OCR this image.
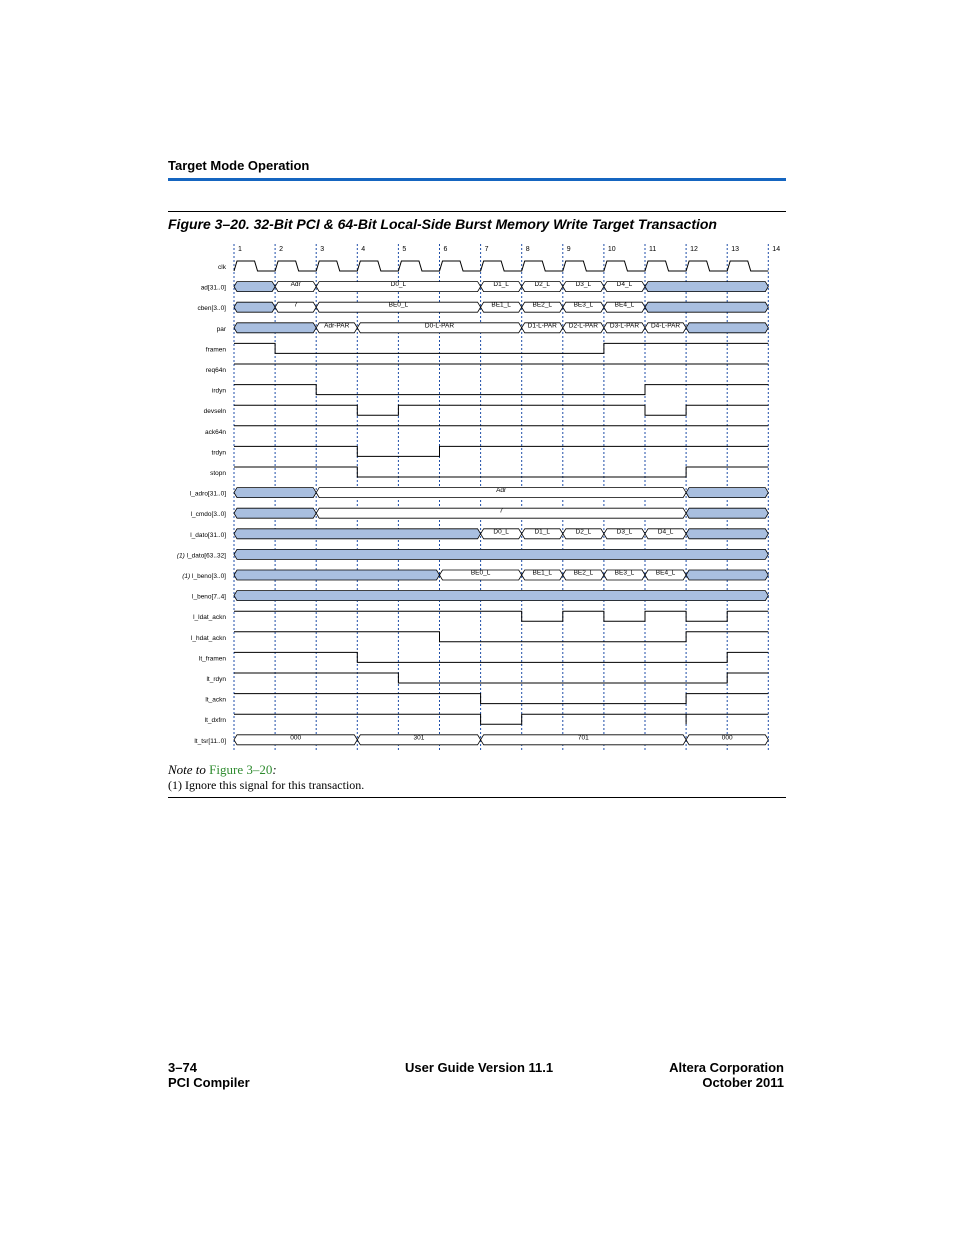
Target Mode Operation
Figure 3–20. 32-Bit PCI & 64-Bit Local-Side Burst Memory Write Target Transaction
1	2	3	4	5	6	7	8	9	10	11	12	13	14
clk
ad[31..0]	Adr	D0_L	D1_L	D2_L	D3_L	D4_L
cben[3..0]	7	BE0_L	BE1_L	BE2_L	BE3_L	BE4_L
par	Adr-PAR	D0-L-PAR	D1-L-PAR D2-L-PAR D3-L-PAR D4-L-PAR
framen
req64n
irdyn
devseln
ack64n
trdyn
stopn
l_adro[31..0]	Adr
l_cmdo[3..0]	7
l_dato[31..0]	D0_L	D1_L	D2_L	D3_L	D4_L
(1) l_dato[63..32]
(1) l_beno[3..0]	BE0_L	BE1_L	BE2_L	BE3_L	BE4_L
l_beno[7..4]
l_ldat_ackn
l_hdat_ackn
lt_framen
lt_rdyn
lt_ackn
lt_dxfrn
lt_tsr[11..0]	000	301	701	000
Note to Figure 3–20:
(1) Ignore this signal for this transaction.
3–74
PCI Compiler
User Guide Version 11.1	Altera Corporation
October 2011
